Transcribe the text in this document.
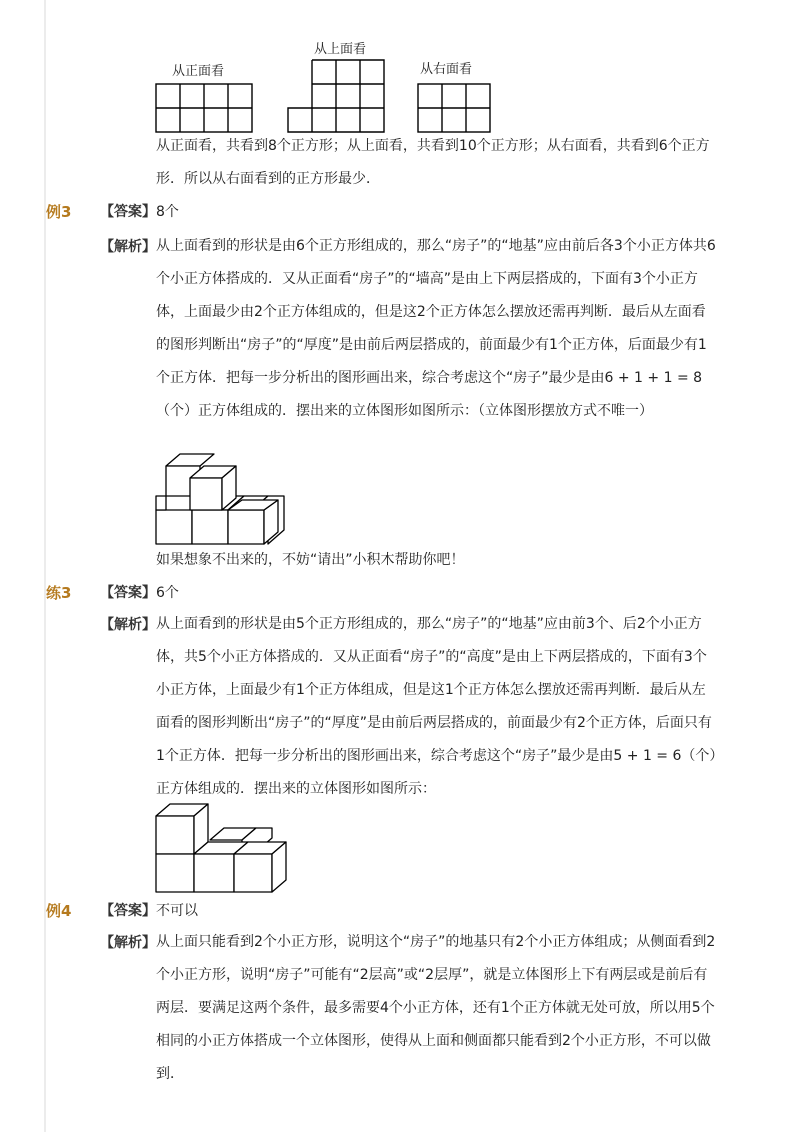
从正面看
从上面看
从右面看

从正面看，共看到8个正方形；从上面看，共看到10个正方形；从右面看，共看到6个正方形．所以从右面看到的正方形最少．

例3 【答案】 8个
【解析】 从上面看到的形状是由6个正方形组成的，那么“房子”的“地基”应由前后各3个小正方体共6个小正方体搭成的．又从正面看“房子”的“墙高”是由上下两层搭成的，下面有3个小正方体，上面最少由2个正方体组成的，但是这2个正方体怎么摆放还需再判断．最后从左面看的图形判断出“房子”的“厚度”是由前后两层搭成的，前面最少有1个正方体，后面最少有1个正方体．把每一步分析出的图形画出来，综合考虑这个“房子”最少是由6 + 1 + 1 = 8（个）正方体组成的．摆出来的立体图形如图所示：（立体图形摆放方式不唯一）

如果想象不出来的，不妨“请出”小积木帮助你吧！
练3 【答案】 6个
【解析】 从上面看到的形状是由5个正方形组成的，那么“房子”的“地基”应由前3个、后2个小正方体，共5个小正方体搭成的．又从正面看“房子”的“高度”是由上下两层搭成的，下面有3个小正方体，上面最少有1个正方体组成，但是这1个正方体怎么摆放还需再判断．最后从左面看的图形判断出“房子”的“厚度”是由前后两层搭成的，前面最少有2个正方体，后面只有1个正方体．把每一步分析出的图形画出来，综合考虑这个“房子”最少是由5 + 1 = 6（个）正方体组成的．摆出来的立体图形如图所示：

例4 【答案】 不可以
【解析】 从上面只能看到2个小正方形，说明这个“房子”的地基只有2个小正方体组成；从侧面看到2个小正方形，说明“房子”可能有“2层高”或“2层厚”，就是立体图形上下有两层或是前后有两层．要满足这两个条件，最多需要4个小正方体，还有1个正方体就无处可放，所以用5个相同的小正方体搭成一个立体图形，使得从上面和侧面都只能看到2个小正方形，不可以做到．
